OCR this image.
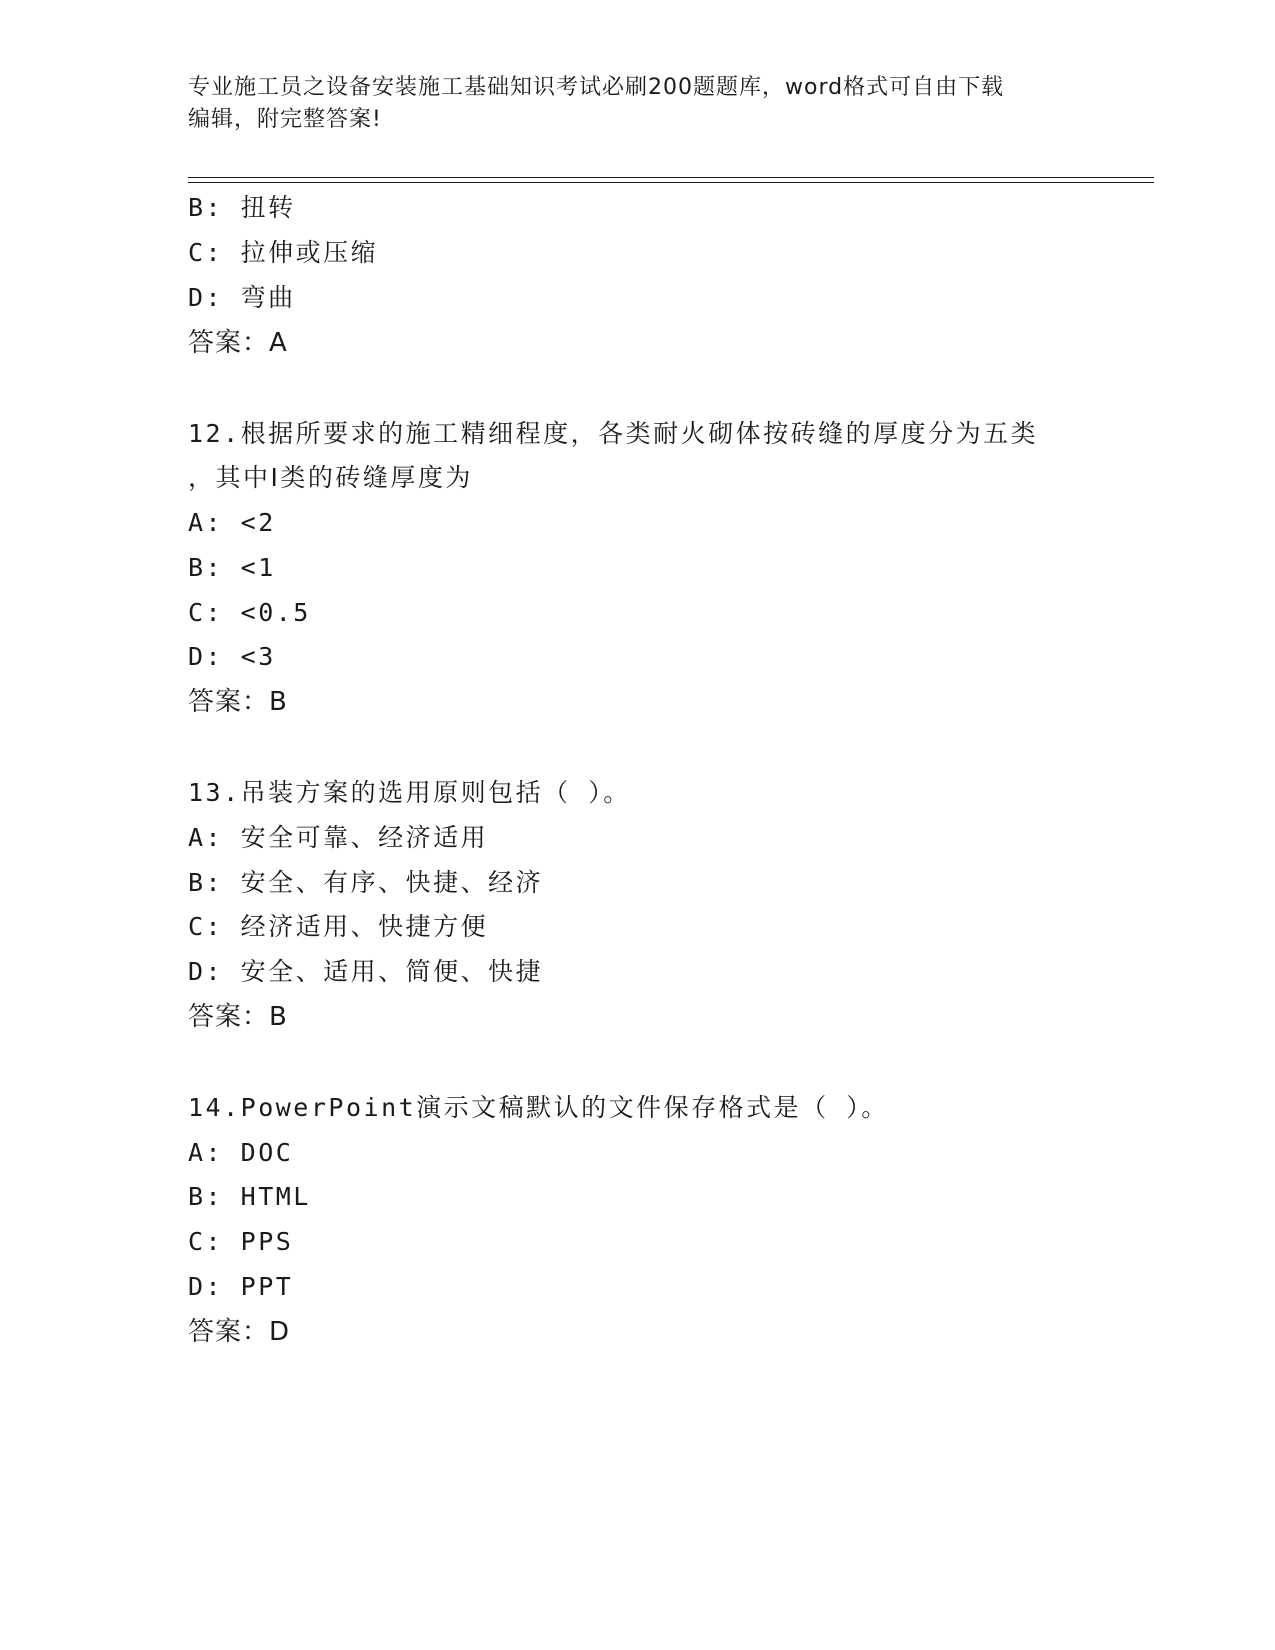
专业施工员之设备安装施工基础知识考试必刷200题题库，word格式可自由下载
编辑，附完整答案!
B: 扭转
C: 拉伸或压缩
D: 弯曲
答案：A
12.根据所要求的施工精细程度，各类耐火砌体按砖缝的厚度分为五类
，其中Ⅰ类的砖缝厚度为
A: <2
B: <1
C: <0.5
D: <3
答案：B
13.吊装方案的选用原则包括（ ）。
A: 安全可靠、经济适用
B: 安全、有序、快捷、经济
C: 经济适用、快捷方便
D: 安全、适用、简便、快捷
答案：B
14.PowerPoint演示文稿默认的文件保存格式是（ ）。
A: DOC
B: HTML
C: PPS
D: PPT
答案：D
